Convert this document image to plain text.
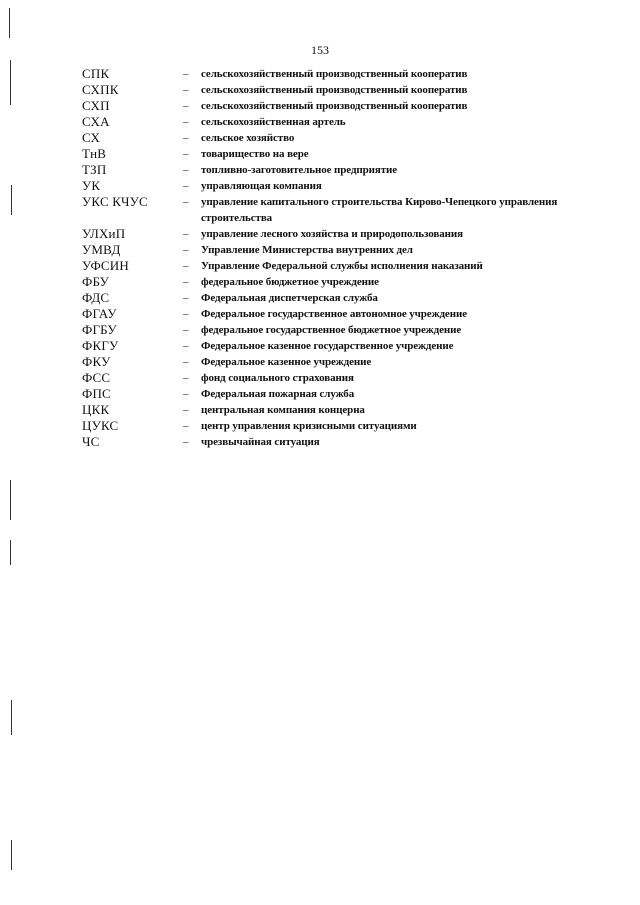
153
СПК	–	сельскохозяйственный производственный кооператив
СХПК	–	сельскохозяйственный производственный кооператив
СХП	–	сельскохозяйственный производственный кооператив
СХА	–	сельскохозяйственная артель
СХ	–	сельское хозяйство
ТнВ	–	товарищество на вере
ТЗП	–	топливно-заготовительное предприятие
УК	–	управляющая компания
УКС КЧУС	–	управление капитального строительства Кирово-Чепецкого управления строительства
УЛХиП	–	управление лесного хозяйства и природопользования
УМВД	–	Управление Министерства внутренних дел
УФСИН	–	Управление Федеральной службы исполнения наказаний
ФБУ	–	федеральное бюджетное учреждение
ФДС	–	Федеральная диспетчерская служба
ФГАУ	–	Федеральное государственное автономное учреждение
ФГБУ	–	федеральное государственное бюджетное учреждение
ФКГУ	–	Федеральное казенное государственное учреждение
ФКУ	–	Федеральное казенное учреждение
ФСС	–	фонд социального страхования
ФПС	–	Федеральная пожарная служба
ЦКК	–	центральная компания концерна
ЦУКС	–	центр управления кризисными ситуациями
ЧС	–	чрезвычайная ситуация
